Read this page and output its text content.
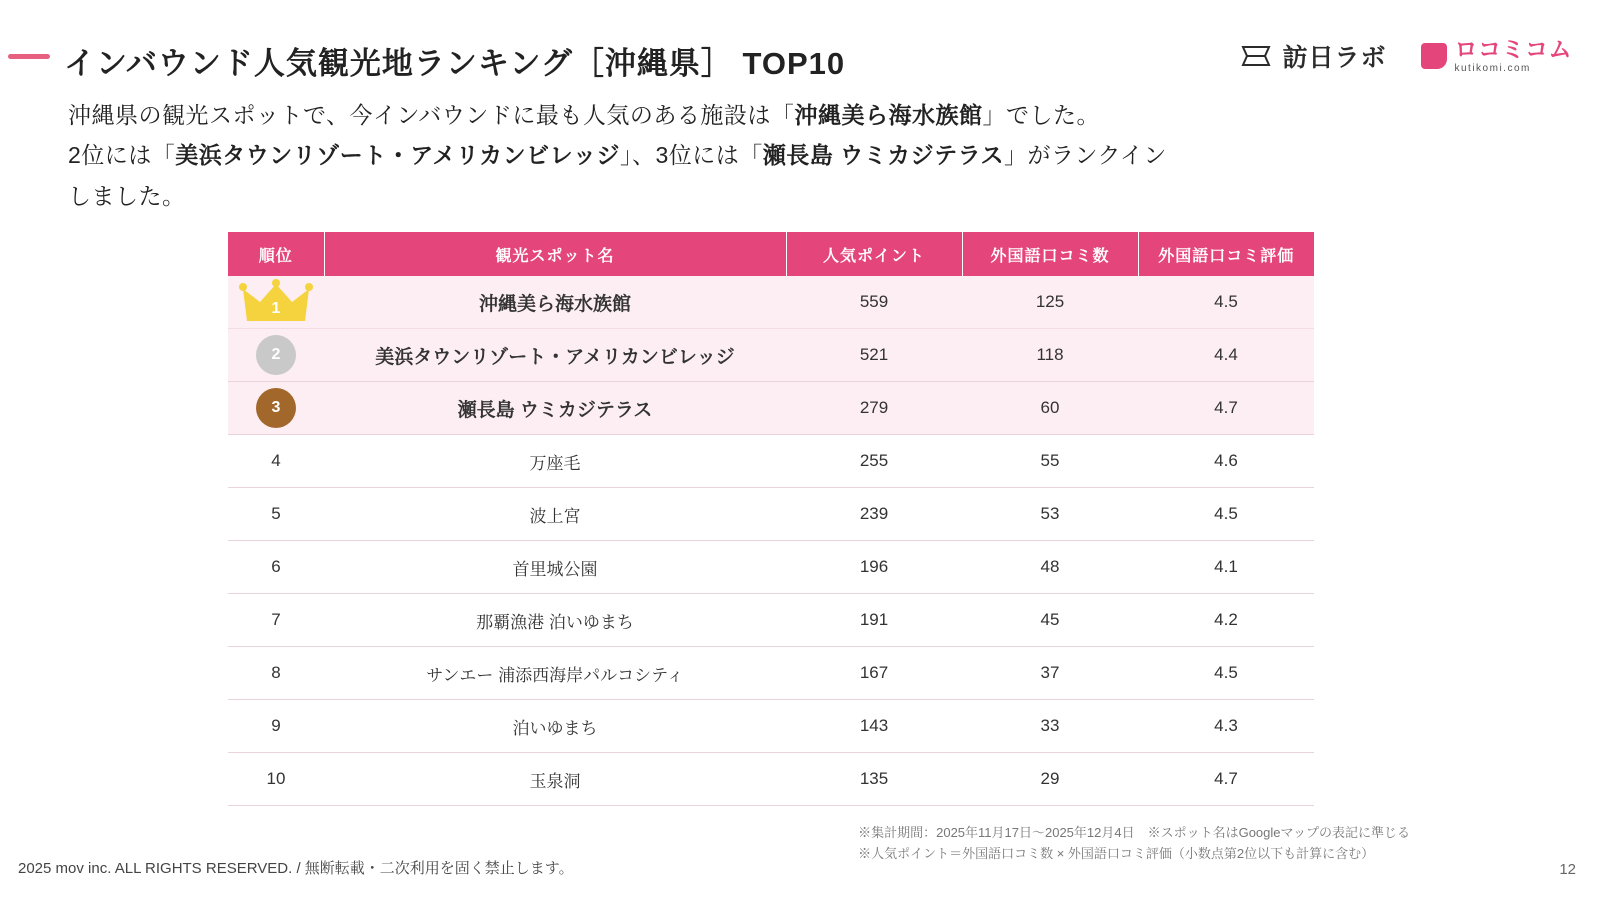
インバウンド人気観光地ランキング［沖縄県］ TOP10	訪日ラボ	ロコミコム
kutikomi.com
沖縄県の観光スポットで、今インバウンドに最も人気のある施設は「沖縄美ら海水族館」でした。
2位には「美浜タウンリゾート・アメリカンビレッジ」、3位には「瀬長島 ウミカジテラス」がランクイン
しました。
順位	観光スポット名	人気ポイント	外国語口コミ数	外国語口コミ評価

1	沖縄美ら海水族館	559	125	4.5
2	美浜タウンリゾート・アメリカンビレッジ	521	118	4.4
3	瀬長島 ウミカジテラス	279	60	4.7
4	万座毛	255	55	4.6
5	波上宮	239	53	4.5
6	首里城公園	196	48	4.1
7	那覇漁港 泊いゆまち	191	45	4.2
8	サンエー 浦添西海岸パルコシティ	167	37	4.5
9	泊いゆまち	143	33	4.3
10	玉泉洞	135	29	4.7
※集計期間：2025年11月17日〜2025年12月4日　※スポット名はGoogleマップの表記に準じる
※人気ポイント＝外国語口コミ数 × 外国語口コミ評価（小数点第2位以下も計算に含む）
2025 mov inc. ALL RIGHTS RESERVED. / 無断転載・二次利用を固く禁止します。	12
